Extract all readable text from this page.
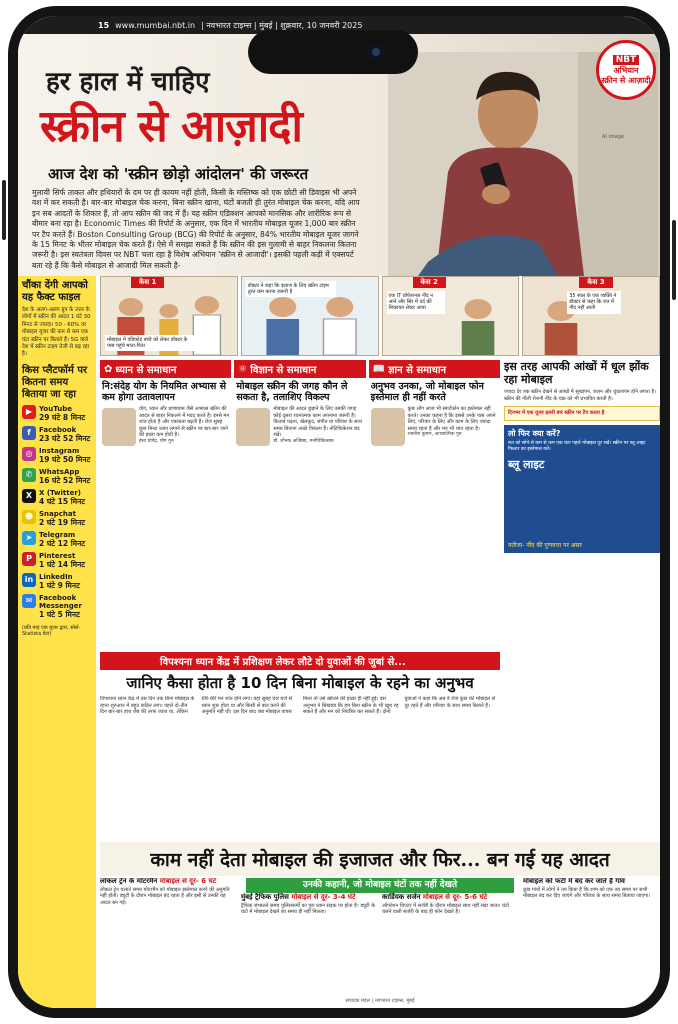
15 www.mumbai.nbt.in | नवभारत टाइम्स | मुंबई | शुक्रवार, 10 जनवरी 2025
हर हाल में चाहिए
स्क्रीन से आज़ादी
आज देश को 'स्क्रीन छोड़ो आंदोलन' की जरूरत
मुलायी सिर्फ ताकत और हथियारों के दम पर ही कायम नहीं होती, किसी के मस्तिष्क को एक छोटी सी डिवाइस भी अपने वश में कर सकती है। बार-बार मोबाइल चेक करना, बिना स्क्रीन खाना, घंटों बजती ही तुरंत मोबाइल चेक करना, यदि आप इन सब आदतों के शिकार हैं, तो आप स्क्रीन की जद में हैं। यह स्क्रीन एडिक्शन आपको मानसिक और शारीरिक रूप से बीमार बना रहा है। Economic Times की रिपोर्ट के अनुसार, एक दिन में भारतीय मोबाइल यूजर 1,000 बार स्क्रीन पर टैप करते हैं। Boston Consulting Group (BCG) की रिपोर्ट के अनुसार, 84% भारतीय मोबाइल यूजर जागने के 15 मिनट के भीतर मोबाइल चेक करते हैं। ऐसे में समझा सकते हैं कि स्क्रीन की इस गुलामी से बाहर निकलना कितना जरूरी है। इस स्वतंत्रता दिवस पर NBT चला रहा है विशेष अभियान 'स्क्रीन से आजादी'। इसकी पहली कड़ी में एक्सपर्ट बता रहे हैं कि कैसे मोबाइल से आजादी मिल सकती है-
AI image
NBT
अभियान
स्क्रीन से आज़ादी
चौंका देंगी आपको यह फैक्ट फाइल
देश के अलग-अलग ग्रुप के उत्तर के लोगों में स्क्रीन की आदत 1 घंटे 30 मिनट से ज्यादा। 50 - 60% वर मोबाइल यूजर की कम से कम एक घंटा स्क्रीन पर बिताते हैं। 5G वाले देश में स्क्रीन टाइम तेजी से बढ़ रहा है।
किस प्लैटफॉर्म पर कितना समय बिताया जा रहा
▶ YouTube
29 घंटे 8 मिनट
f	Facebook
23 घंटे 52 मिनट
◎ Instagram
19 घंटे 50 मिनट
✆ WhatsApp
16 घंटे 52 मिनट
X X (Twitter)
4 घंटे 15 मिनट
☻ Snapchat
2 घंटे 19 मिनट
➤ Telegram
2 घंटे 12 मिनट
P	Pinterest
1 घंटे 14 मिनट
in LinkedIn
1 घंटे 9 मिनट
✉ Facebook Messenger
1 घंटे 5 मिनट
(प्रति माह एक यूजर द्वारा, सोर्स- Statista डेटा)
केस 1
मोबाइल में एडिक्टेड बच्चे को लेकर डॉक्टर के पास पहुंचे माता-पिता
डॉक्टर ने कहा कि इलाज के लिए स्क्रीन टाइम तुरंत कम करना जरूरी है
केस 2
एक IT प्रोफेशनल नींद न आने और सिर में दर्द की शिकायत लेकर आया
केस 3
35 साल के एक व्यक्ति ने डॉक्टर से कहा कि रात में नींद नहीं आती
✿ ध्यान से समाधान
नि:संदेह योग के नियमित अभ्यास से कम होगा उतावलापन
योग, ध्यान और प्राणायाम जैसे अभ्यास स्क्रीन की आदत से बाहर निकलने में मदद करते हैं। इनसे मन शांत होता है और एकाग्रता बढ़ती है। रोज सुबह कुछ मिनट ध्यान लगाने से स्क्रीन पर बार-बार जाने की इच्छा कम होती है।
हंसा योगेंद्र, योग गुरु
⚛ विज्ञान से समाधान
मोबाइल स्क्रीन की जगह कौन ले सकता है, तलाशिए विकल्प
मोबाइल की आदत छुड़ाने के लिए उसकी जगह कोई दूसरा रचनात्मक काम अपनाना जरूरी है। किताब पढ़ना, खेलकूद, संगीत या परिवार के साथ समय बिताना अच्छे विकल्प हैं। नोटिफिकेशन बंद रखें।
डॉ. शौनक अजिंक्य, मनोचिकित्सक
📖 ज्ञान से समाधान
अनुभव उनका, जो मोबाइल फोन इस्तेमाल ही नहीं करते
कुछ लोग आज भी स्मार्टफोन का इस्तेमाल नहीं करते। उनका कहना है कि इससे उनके पास अपने लिए, परिवार के लिए और काम के लिए ज्यादा समय रहता है और मन भी शांत रहता है।
रजनीश कुमार, आध्यात्मिक गुरु
इस तरह आपकी आंखों में धूल झोंक रहा मोबाइल
ज्यादा देर तक स्क्रीन देखने से आंखों में सूखापन, जलन और धुंधलापन होने लगता है। स्क्रीन की नीली रोशनी नींद के चक्र को भी प्रभावित करती है।
दिनभर में एक यूजर इतनी बार स्क्रीन पर टैप करता है
लो फिर क्या करें?
रात को सोने से कम से कम एक घंटा पहले मोबाइल दूर रखें। स्क्रीन पर ब्लू लाइट फिल्टर का इस्तेमाल करें।
ब्लू लाइट
नतीजा- नींद की गुणवत्ता पर असर
विपश्यना ध्यान केंद्र में प्रशिक्षण लेकर लौटे दो युवाओं की जुबां से...
जानिए कैसा होता है 10 दिन बिना मोबाइल के रहने का अनुभव
विपश्यना ध्यान केंद्र में दस दिन तक बिना मोबाइल के रहना शुरुआत में बहुत कठिन लगा। पहले दो-तीन दिन बार-बार हाथ जेब की तरफ जाता था, लेकिन धीरे-धीरे मन शांत होने लगा। वहां सुबह चार बजे से ध्यान शुरू होता था और किसी से बात करने की अनुमति नहीं थी। दस दिन बाद जब मोबाइल वापस मिला तो उसे खोलने की इच्छा ही नहीं हुई। इस अनुभव ने सिखाया कि हम बिना स्क्रीन के भी खुश रह सकते हैं और मन को नियंत्रित कर सकते हैं। दोनों युवाओं ने कहा कि अब वे रोज कुछ घंटे मोबाइल से दूर रहते हैं और परिवार के साथ समय बिताते हैं।
काम नहीं देता मोबाइल की इजाजत और फिर... बन गई यह आदत
लोकल ट्रेन के मोटरमैन मोबाइल से दूर- 6 घंटे
लोकल ट्रेन चलाते समय मोटरमैन को मोबाइल इस्तेमाल करने की अनुमति नहीं होती। ड्यूटी के दौरान मोबाइल बंद रहता है और इसी से उनकी यह आदत बन गई।
मुंबई ट्रैफिक पुलिस मोबाइल से दूर- 3-4 घंटे
ट्रैफिक संभालते समय पुलिसकर्मी का पूरा ध्यान सड़क पर होता है। ड्यूटी के घंटों में मोबाइल देखने का समय ही नहीं मिलता।
कार्डियक सर्जन मोबाइल से दूर- 5-6 घंटे
ऑपरेशन थिएटर में सर्जरी के दौरान मोबाइल साथ नहीं रखा जाता। घंटों चलने वाली सर्जरी के बाद ही फोन देखते हैं।
मोबाइल को फटी में बंद कर जाते हैं गांव
कुछ गांवों में लोगों ने तय किया है कि शाम को एक तय समय पर सभी मोबाइल बंद कर दिए जाएंगे और परिवार के साथ समय बिताया जाएगा।
उनकी कहानी, जो मोबाइल घंटों तक नहीं देखते
संपादक मंडल | नवभारत टाइम्स, मुंबई
